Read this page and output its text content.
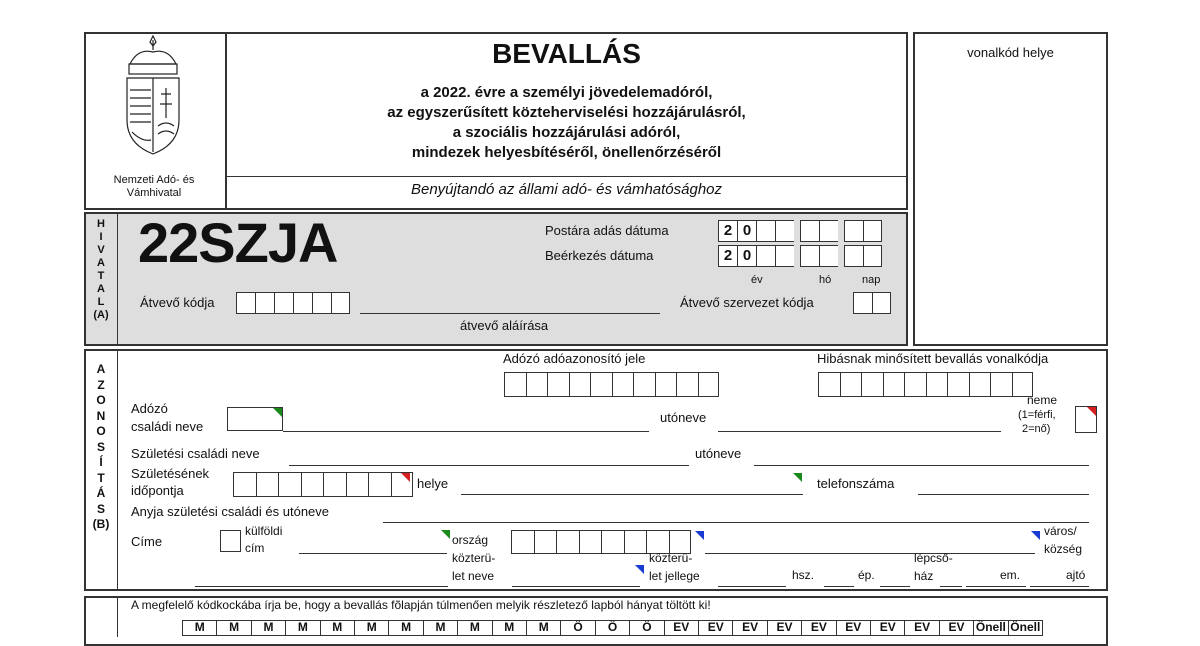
Nemzeti Adó- és Vámhivatal
BEVALLÁS
a 2022. évre a személyi jövedelemadóról,
az egyszerűsített közteherviselési hozzájárulásról,
a szociális hozzájárulási adóról,
mindezek helyesbítéséről, önellenőrzéséről
Benyújtandó az állami adó- és vámhatósághoz
vonalkód helye
H
I
V
A
T
A
L
(A)
22SZJA	Postára adás dátuma	2 0
Beérkezés dátuma	2 0
év	hó	nap
Átvevő kódja
átvevő aláírása
Átvevő szervezet kódja
A
Z
O
N
O
S
Í
T
Á
S
(B)
Adózó adóazonosító jele	Hibásnak minősített bevallás vonalkódja
Adózó
családi neve
utóneve
neme
(1=férfi,
2=nő)
Születési családi neve	utóneve
Születésének
időpontja	helye	telefonszáma
Anyja születési családi és utóneve
Címe
külföldi
cím
ország
város/
község
közterü-
let neve
közterü-
let jellege	hsz.	ép.
lépcső-
ház	em.	ajtó
A megfelelő kódkockába írja be, hogy a bevallás fõlapján túlmenően melyik részletező lapból hányat töltött ki!
M	M	M	M	M	M	M	M	M	M	M	Ö	Ö	Ö	EV	EV	EV	EV	EV	EV	EV	EV	EV Önell Önell
